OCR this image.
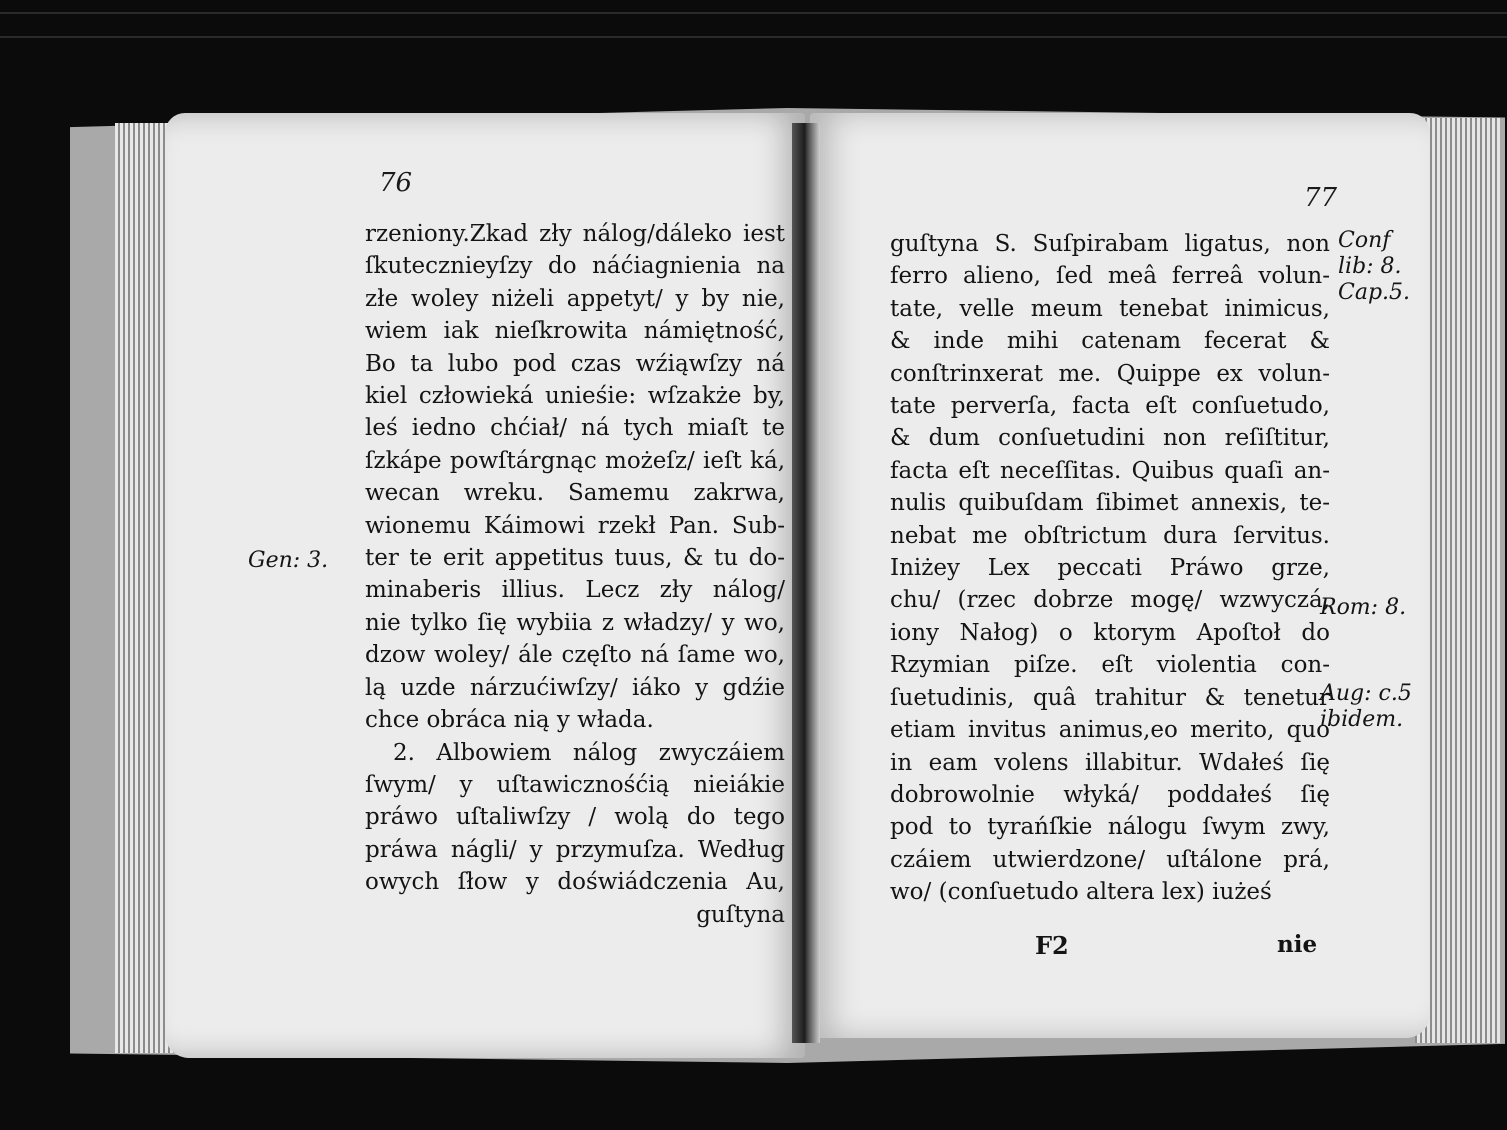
76
rzeniony.Zkad zły nálog/dáleko iest
ſkutecznieyſzy do náćiagnienia na
złe woley niżeli appetyt/ y by nie,
wiem iak nieſkrowita námiętność,
Bo ta lubo pod czas wźiąwſzy ná
kiel człowieká unieśie: wſzakże by,
leś iedno chćiał/ ná tych miaſt te
ſzkápe powſtárgnąc możeſz/ ieſt ká,
wecan wreku. Samemu zakrwa,
wionemu Káimowi rzekł Pan. Sub-
ter te erit appetitus tuus, & tu do-
minaberis illius. Lecz zły nálog/
nie tylko ſię wybiia z władzy/ y wo,
dzow woley/ ále częſto ná ſame wo,
lą uzde nárzućiwſzy/ iáko y gdźie
chce obráca nią y włada.
2. Albowiem nálog zwyczáiem
ſwym/ y uſtawicznośćią nieiákie
práwo uſtaliwſzy / wolą do tego
práwa nágli/ y przymuſza. Według
owych ſłow y doświádczenia Au,
guſtyna
77
guſtyna S. Suſpirabam ligatus, non
ferro alieno, ſed meâ ferreâ volun-
tate, velle meum tenebat inimicus,
& inde mihi catenam fecerat &
conſtrinxerat me. Quippe ex volun-
tate perverſa, facta eſt conſuetudo,
& dum conſuetudini non reſiſtitur,
facta eſt neceſſitas. Quibus quaſi an-
nulis quibuſdam ſibimet annexis, te-
nebat me obſtrictum dura ſervitus.
Iniżey Lex peccati Práwo grze,
chu/ (rzec dobrze mogę/ wzwyczá,
iony Nałog) o ktorym Apoſtoł do
Rzymian piſze. eſt violentia con-
ſuetudinis, quâ trahitur & tenetur
etiam invitus animus,eo merito, quo
in eam volens illabitur. Wdałeś ſię
dobrowolnie włyká/ poddałeś ſię
pod to tyrańſkie nálogu ſwym zwy,
czáiem utwierdzone/ uſtálone prá,
wo/ (conſuetudo altera lex) iużeś
F2	nie
Conf lib: 8. Cap.5.
Rom: 8.
Aug: c.5 ibidem.
Gen: 3.
